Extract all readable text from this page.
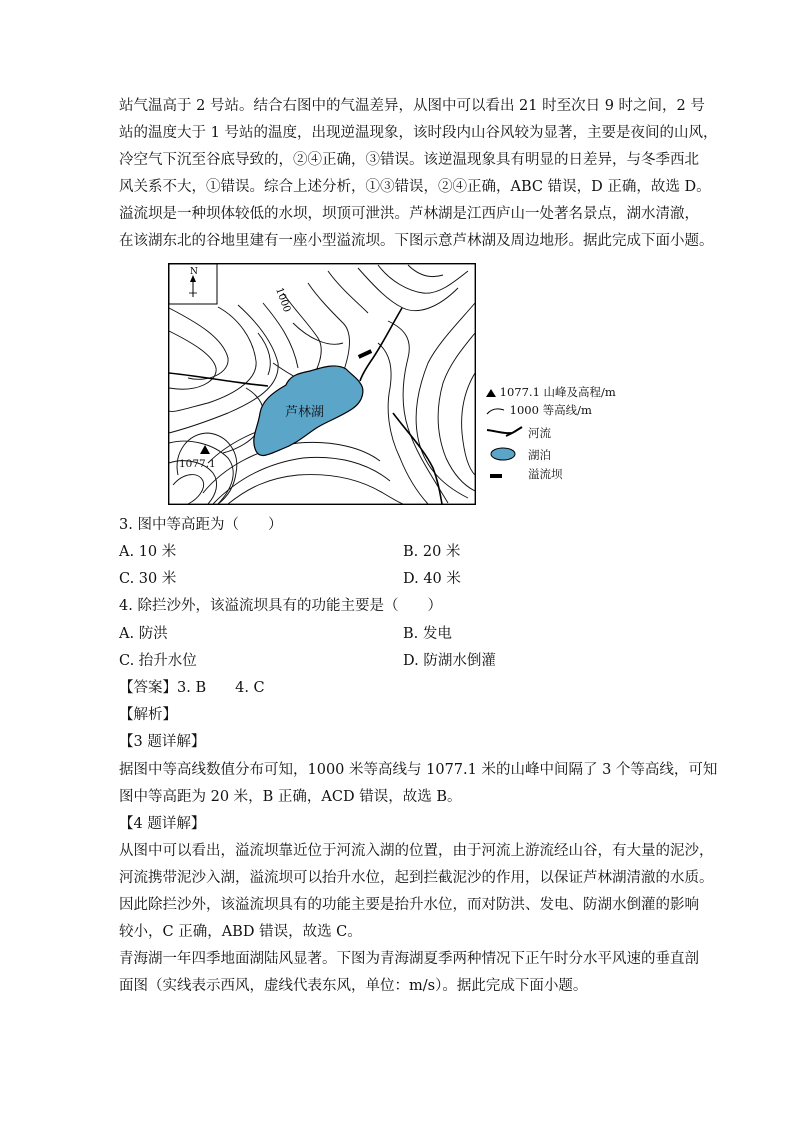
站气温高于 2 号站。结合右图中的气温差异，从图中可以看出 21 时至次日 9 时之间，2 号
站的温度大于 1 号站的温度，出现逆温现象，该时段内山谷风较为显著，主要是夜间的山风，
冷空气下沉至谷底导致的，②④正确，③错误。该逆温现象具有明显的日差异，与冬季西北
风关系不大，①错误。综合上述分析，①③错误，②④正确，ABC 错误，D 正确，故选 D。
溢流坝是一种坝体较低的水坝，坝顶可泄洪。芦林湖是江西庐山一处著名景点，湖水清澈，
在该湖东北的谷地里建有一座小型溢流坝。下图示意芦林湖及周边地形。据此完成下面小题。
N
1000
芦林湖
1077.1
1077.1 山峰及高程/m
1000 等高线/m
河流
湖泊
溢流坝
3. 图中等高距为（　　）
A. 10 米	B. 20 米
C. 30 米	D. 40 米
4. 除拦沙外，该溢流坝具有的功能主要是（　　）
A. 防洪	B. 发电
C. 抬升水位	D. 防湖水倒灌
【答案】3. B　　4. C
【解析】
【3 题详解】
据图中等高线数值分布可知，1000 米等高线与 1077.1 米的山峰中间隔了 3 个等高线，可知
图中等高距为 20 米，B 正确，ACD 错误，故选 B。
【4 题详解】
从图中可以看出，溢流坝靠近位于河流入湖的位置，由于河流上游流经山谷，有大量的泥沙，
河流携带泥沙入湖，溢流坝可以抬升水位，起到拦截泥沙的作用，以保证芦林湖清澈的水质。
因此除拦沙外，该溢流坝具有的功能主要是抬升水位，而对防洪、发电、防湖水倒灌的影响
较小，C 正确，ABD 错误，故选 C。
青海湖一年四季地面湖陆风显著。下图为青海湖夏季两种情况下正午时分水平风速的垂直剖
面图（实线表示西风，虚线代表东风，单位：m/s）。据此完成下面小题。
